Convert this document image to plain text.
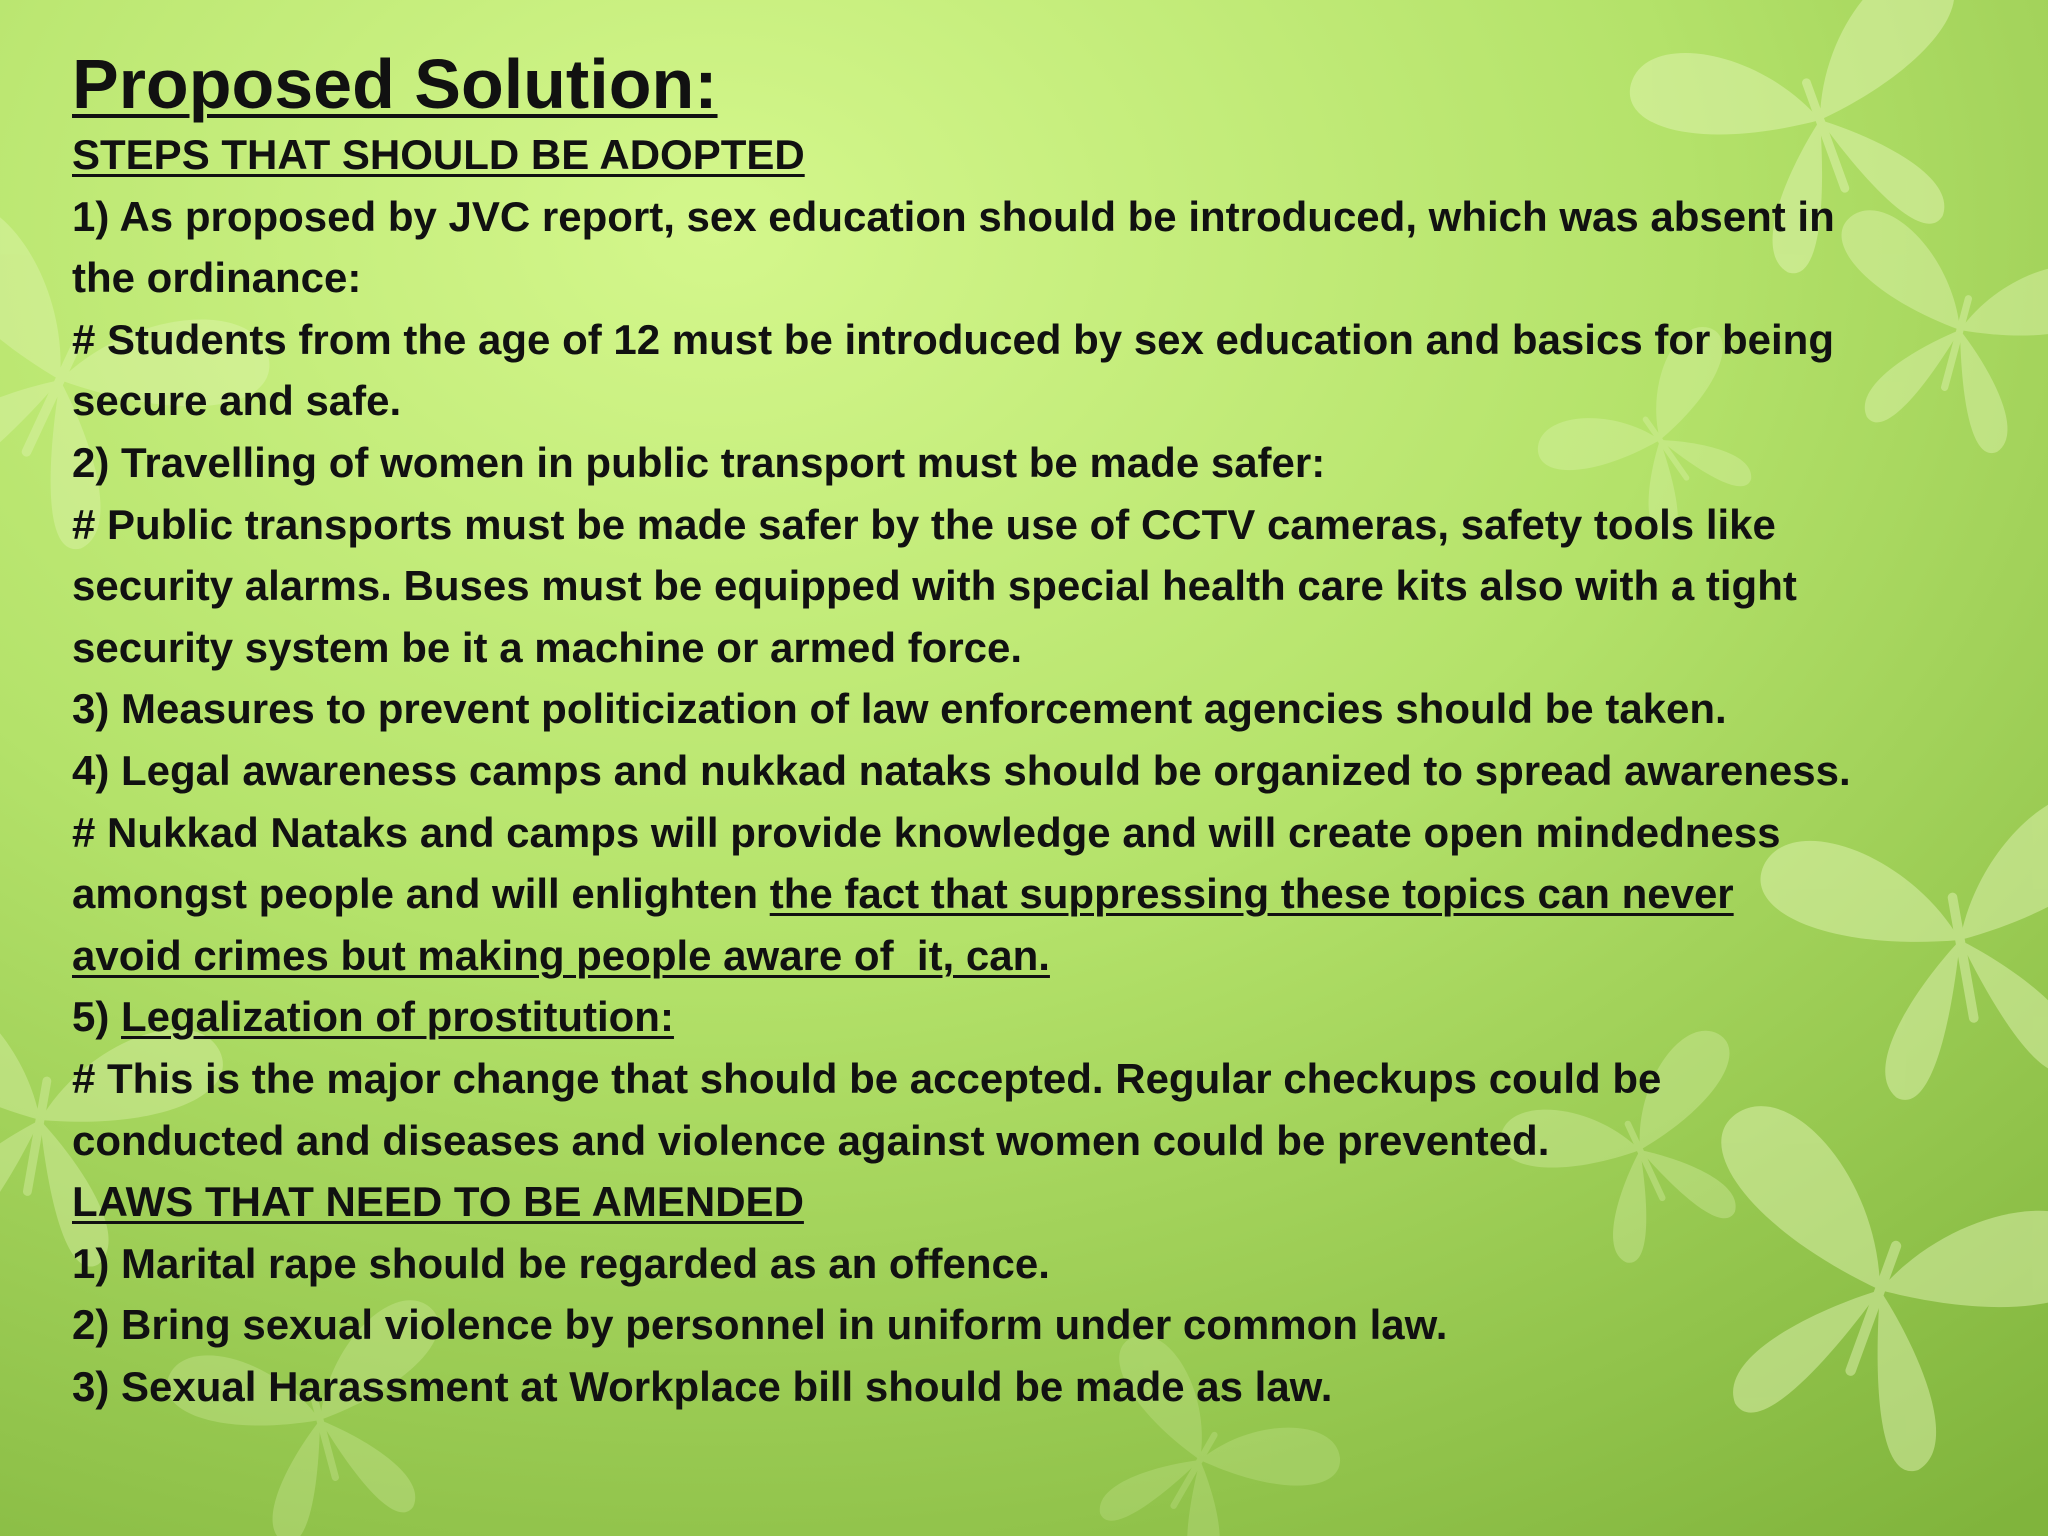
Proposed Solution:
STEPS THAT SHOULD BE ADOPTED
1) As proposed by JVC report, sex education should be introduced, which was absent in
the ordinance:
# Students from the age of 12 must be introduced by sex education and basics for being
secure and safe.
2) Travelling of women in public transport must be made safer:
# Public transports must be made safer by the use of CCTV cameras, safety tools like
security alarms. Buses must be equipped with special health care kits also with a tight
security system be it a machine or armed force.
3) Measures to prevent politicization of law enforcement agencies should be taken.
4) Legal awareness camps and nukkad nataks should be organized to spread awareness.
# Nukkad Nataks and camps will provide knowledge and will create open mindedness
amongst people and will enlighten the fact that suppressing these topics can never
avoid crimes but making people aware of  it, can.
5) Legalization of prostitution:
# This is the major change that should be accepted. Regular checkups could be
conducted and diseases and violence against women could be prevented.
LAWS THAT NEED TO BE AMENDED
1) Marital rape should be regarded as an offence.
2) Bring sexual violence by personnel in uniform under common law.
3) Sexual Harassment at Workplace bill should be made as law.
